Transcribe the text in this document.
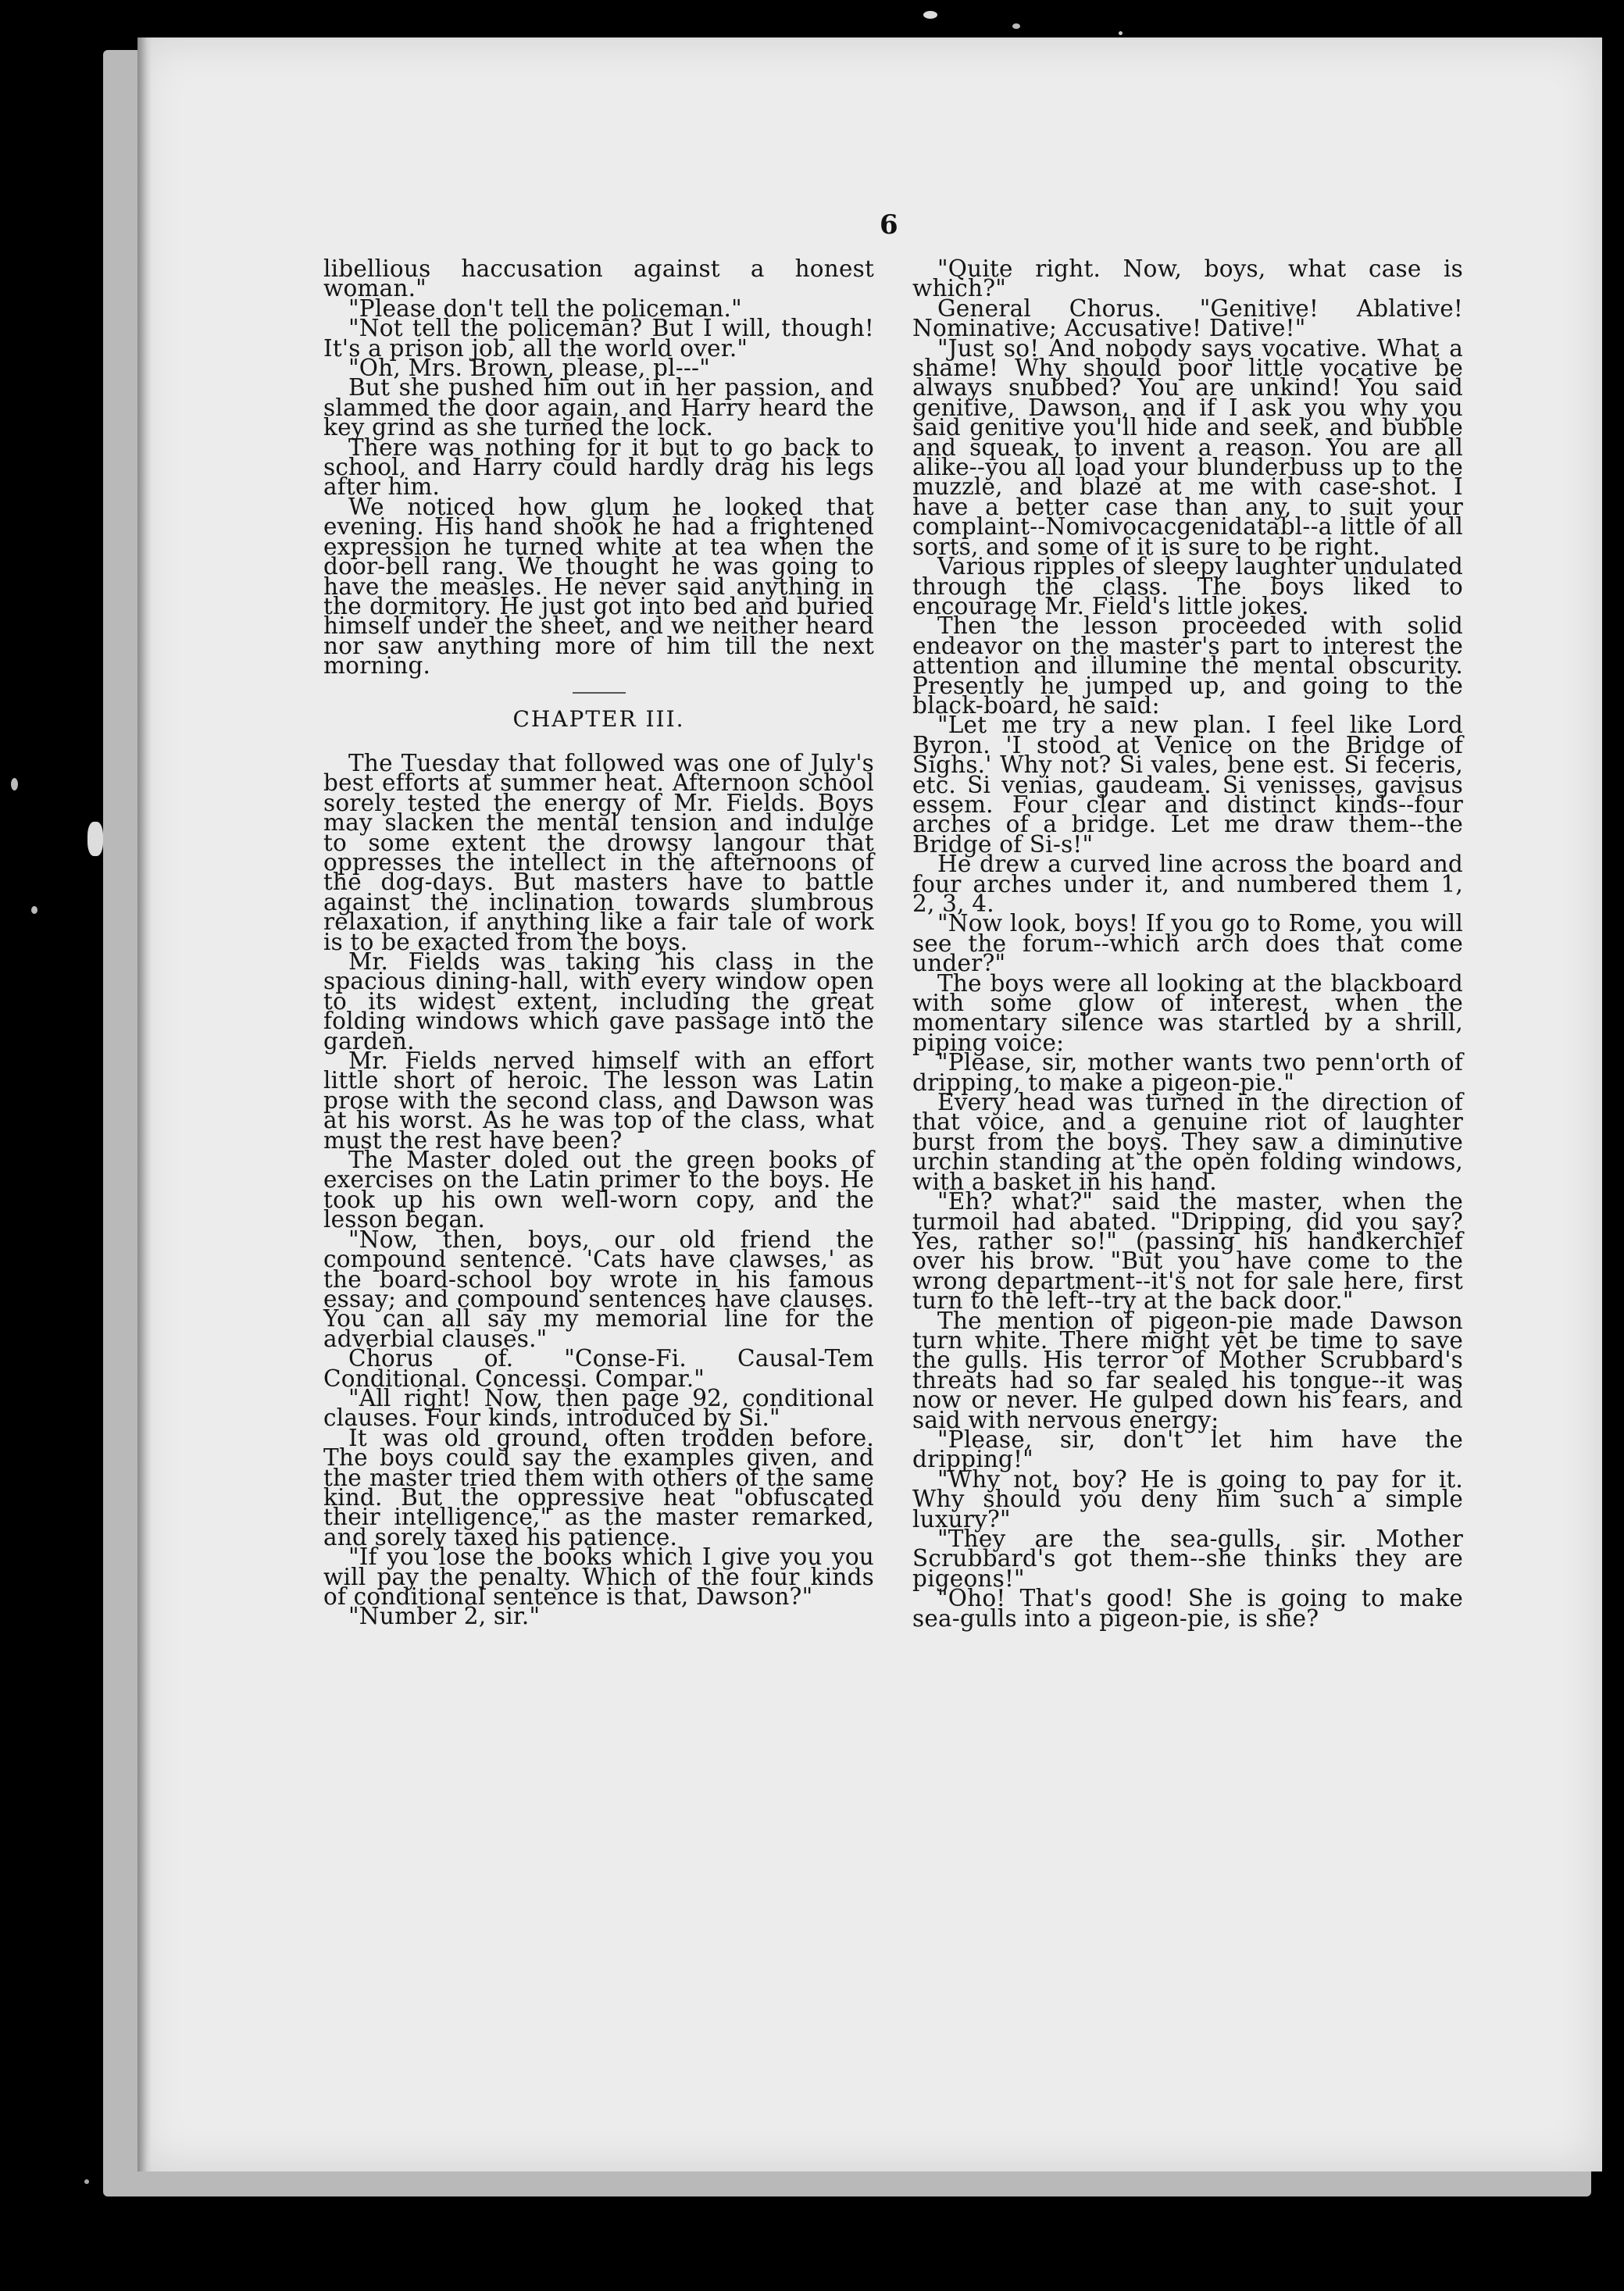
6

libellious haccusation against a honest woman."

"Please don't tell the policeman."

"Not tell the policeman? But I will, though! It's a prison job, all the world over."

"Oh, Mrs. Brown, please, pl---"

But she pushed him out in her passion, and slammed the door again, and Harry heard the key grind as she turned the lock.

There was nothing for it but to go back to school, and Harry could hardly drag his legs after him.

We noticed how glum he looked that evening. His hand shook he had a frightened expression he turned white at tea when the door-bell rang. We thought he was going to have the measles. He never said anything in the dormitory. He just got into bed and buried himself under the sheet, and we neither heard nor saw anything more of him till the next morning.

CHAPTER III.

The Tuesday that followed was one of July's best efforts at summer heat. Afternoon school sorely tested the energy of Mr. Fields. Boys may slacken the mental tension and indulge to some extent the drowsy langour that oppresses the intellect in the afternoons of the dog-days. But masters have to battle against the inclination towards slumbrous relaxation, if anything like a fair tale of work is to be exacted from the boys.

Mr. Fields was taking his class in the spacious dining-hall, with every window open to its widest extent, including the great folding windows which gave passage into the garden.

Mr. Fields nerved himself with an effort little short of heroic. The lesson was Latin prose with the second class, and Dawson was at his worst. As he was top of the class, what must the rest have been?

The Master doled out the green books of exercises on the Latin primer to the boys. He took up his own well-worn copy, and the lesson began.

"Now, then, boys, our old friend the compound sentence. 'Cats have clawses,' as the board-school boy wrote in his famous essay; and compound sentences have clauses. You can all say my memorial line for the adverbial clauses."

Chorus of. "Conse-Fi. Causal-Tem Conditional. Concessi. Compar."

"All right! Now, then page 92, conditional clauses. Four kinds, introduced by Si."

It was old ground, often trodden before. The boys could say the examples given, and the master tried them with others of the same kind. But the oppressive heat "obfuscated their intelligence," as the master remarked, and sorely taxed his patience.

"If you lose the books which I give you you will pay the penalty. Which of the four kinds of conditional sentence is that, Dawson?"

"Number 2, sir."

"Quite right. Now, boys, what case is which?"

General Chorus. "Genitive! Ablative! Nominative; Accusative! Dative!"

"Just so! And nobody says vocative. What a shame! Why should poor little vocative be always snubbed? You are unkind! You said genitive, Dawson, and if I ask you why you said genitive you'll hide and seek, and bubble and squeak, to invent a reason. You are all alike--you all load your blunderbuss up to the muzzle, and blaze at me with case-shot. I have a better case than any, to suit your complaint--Nomivocacgenidatabl--a little of all sorts, and some of it is sure to be right.

Various ripples of sleepy laughter undulated through the class. The boys liked to encourage Mr. Field's little jokes.

Then the lesson proceeded with solid endeavor on the master's part to interest the attention and illumine the mental obscurity. Presently he jumped up, and going to the black-board, he said:

"Let me try a new plan. I feel like Lord Byron. 'I stood at Venice on the Bridge of Sighs.' Why not? Si vales, bene est. Si feceris, etc. Si venias, gaudeam. Si venisses, gavisus essem. Four clear and distinct kinds--four arches of a bridge. Let me draw them--the Bridge of Si-s!"

He drew a curved line across the board and four arches under it, and numbered them 1, 2, 3, 4.

"Now look, boys! If you go to Rome, you will see the forum--which arch does that come under?"

The boys were all looking at the blackboard with some glow of interest, when the momentary silence was startled by a shrill, piping voice:

"Please, sir, mother wants two penn'orth of dripping, to make a pigeon-pie."

Every head was turned in the direction of that voice, and a genuine riot of laughter burst from the boys. They saw a diminutive urchin standing at the open folding windows, with a basket in his hand.

"Eh? what?" said the master, when the turmoil had abated. "Dripping, did you say? Yes, rather so!" (passing his handkerchief over his brow. "But you have come to the wrong department--it's not for sale here, first turn to the left--try at the back door."

The mention of pigeon-pie made Dawson turn white. There might yet be time to save the gulls. His terror of Mother Scrubbard's threats had so far sealed his tongue--it was now or never. He gulped down his fears, and said with nervous energy:

"Please, sir, don't let him have the dripping!"

"Why not, boy? He is going to pay for it. Why should you deny him such a simple luxury?"

"They are the sea-gulls, sir. Mother Scrubbard's got them--she thinks they are pigeons!"

"Oho! That's good! She is going to make sea-gulls into a pigeon-pie, is she?
